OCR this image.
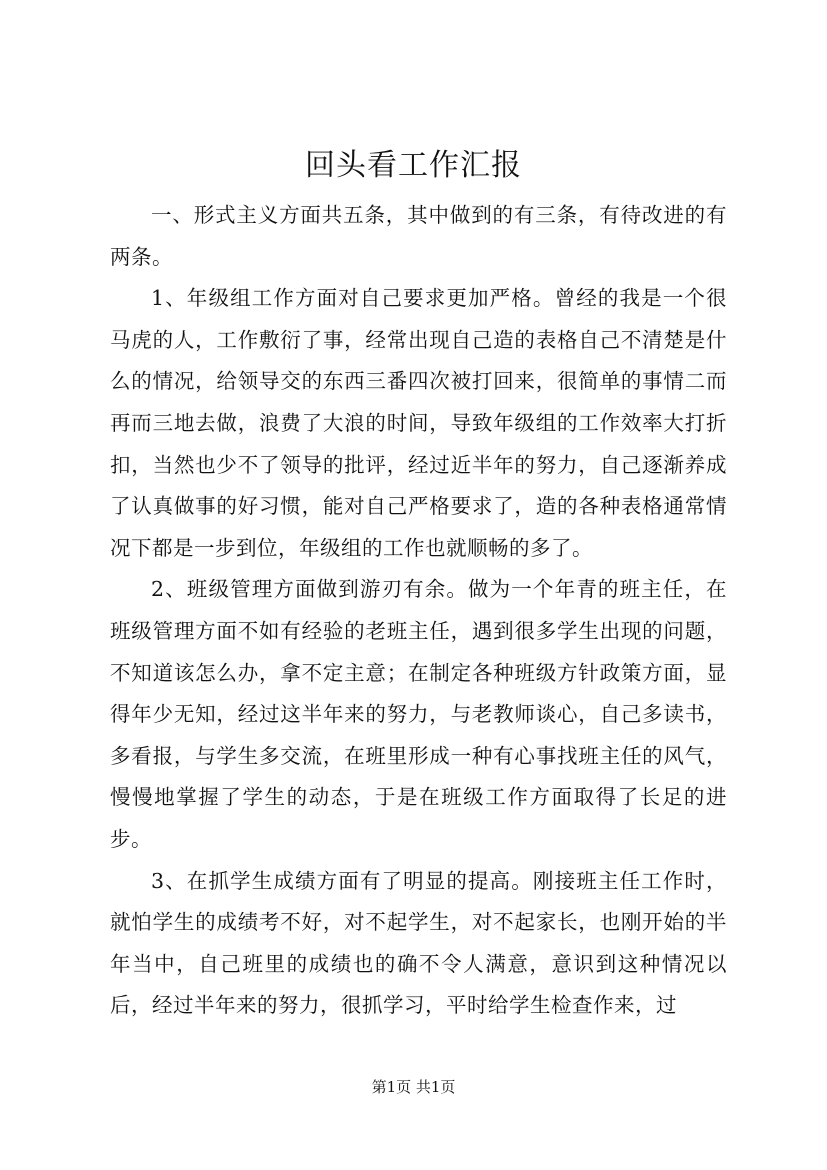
回头看工作汇报

一、形式主义方面共五条，其中做到的有三条，有待改进的有两条。

1、年级组工作方面对自己要求更加严格。曾经的我是一个很马虎的人，工作敷衍了事，经常出现自己造的表格自己不清楚是什么的情况，给领导交的东西三番四次被打回来，很简单的事情二而再而三地去做，浪费了大浪的时间，导致年级组的工作效率大打折扣，当然也少不了领导的批评，经过近半年的努力，自己逐渐养成了认真做事的好习惯，能对自己严格要求了，造的各种表格通常情况下都是一步到位，年级组的工作也就顺畅的多了。

2、班级管理方面做到游刃有余。做为一个年青的班主任，在班级管理方面不如有经验的老班主任，遇到很多学生出现的问题，不知道该怎么办，拿不定主意；在制定各种班级方针政策方面，显得年少无知，经过这半年来的努力，与老教师谈心，自己多读书，多看报，与学生多交流，在班里形成一种有心事找班主任的风气，慢慢地掌握了学生的动态，于是在班级工作方面取得了长足的进步。

3、在抓学生成绩方面有了明显的提高。刚接班主任工作时，就怕学生的成绩考不好，对不起学生，对不起家长，也刚开始的半年当中，自己班里的成绩也的确不令人满意，意识到这种情况以后，经过半年来的努力，很抓学习，平时给学生检查作来，过

第1页 共1页
